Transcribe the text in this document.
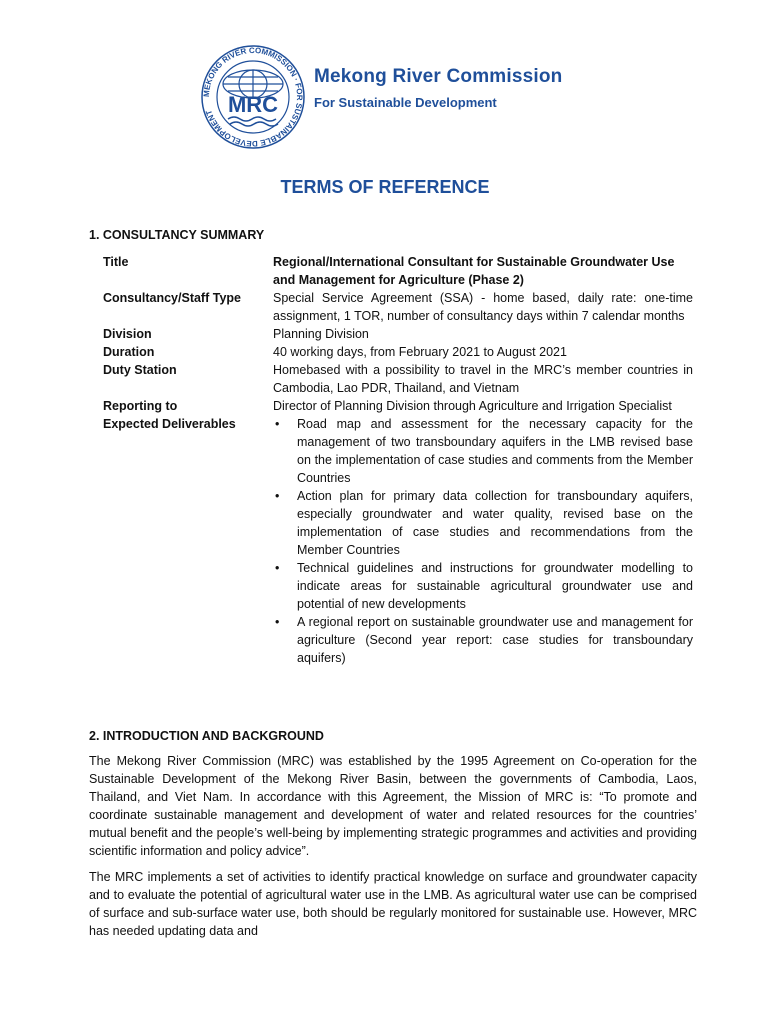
MEKONG RIVER COMMISSION · FOR SUSTAINABLE DEVELOPMENT MRC
Mekong River Commission
For Sustainable Development
TERMS OF REFERENCE
1. CONSULTANCY SUMMARY
Title	Regional/International Consultant for Sustainable Groundwater Use and Management for Agriculture (Phase 2)
Consultancy/Staff Type	Special Service Agreement (SSA) - home based, daily rate: one-time assignment, 1 TOR, number of consultancy days within 7 calendar months
Division	Planning Division
Duration	40 working days, from February 2021 to August 2021
Duty Station	Homebased with a possibility to travel in the MRC’s member countries in Cambodia, Lao PDR, Thailand, and Vietnam
Reporting to	Director of Planning Division through Agriculture and Irrigation Specialist
Expected Deliverables	• Road map and assessment for the necessary capacity for the management of two transboundary aquifers in the LMB revised base on the implementation of case studies and comments from the Member Countries
• Action plan for primary data collection for transboundary aquifers, especially groundwater and water quality, revised base on the implementation of case studies and recommendations from the Member Countries
• Technical guidelines and instructions for groundwater modelling to indicate areas for sustainable agricultural groundwater use and potential of new developments
• A regional report on sustainable groundwater use and management for agriculture (Second year report: case studies for transboundary aquifers)
2. INTRODUCTION AND BACKGROUND
The Mekong River Commission (MRC) was established by the 1995 Agreement on Co-operation for the Sustainable Development of the Mekong River Basin, between the governments of Cambodia, Laos, Thailand, and Viet Nam. In accordance with this Agreement, the Mission of MRC is: “To promote and coordinate sustainable management and development of water and related resources for the countries’ mutual benefit and the people’s well-being by implementing strategic programmes and activities and providing scientific information and policy advice”.
The MRC implements a set of activities to identify practical knowledge on surface and groundwater capacity and to evaluate the potential of agricultural water use in the LMB. As agricultural water use can be comprised of surface and sub-surface water use, both should be regularly monitored for sustainable use. However, MRC has needed updating data and
